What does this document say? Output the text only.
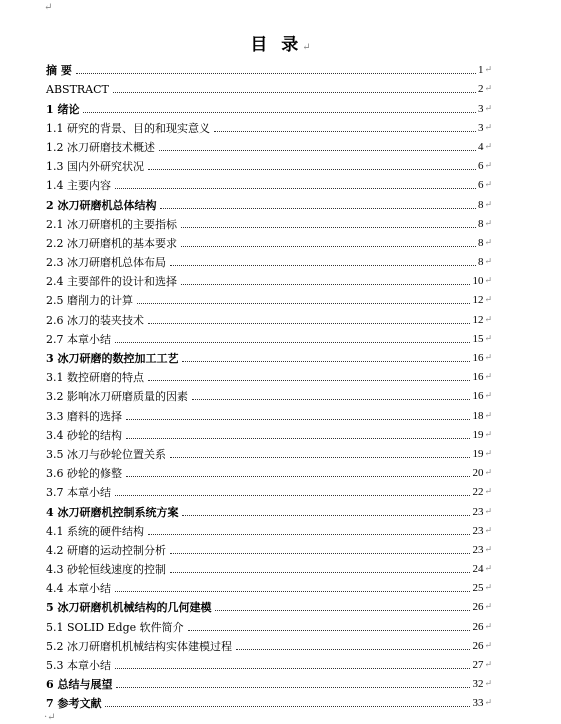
↵
目 录↵
摘 要	1 ↵
ABSTRACT	2 ↵
1 绪论	3 ↵
1.1 研究的背景、目的和现实意义	3 ↵
1.2 冰刀研磨技术概述	4 ↵
1.3 国内外研究状况	6 ↵
1.4 主要内容	6 ↵
2 冰刀研磨机总体结构	8 ↵
2.1 冰刀研磨机的主要指标	8 ↵
2.2 冰刀研磨机的基本要求	8 ↵
2.3 冰刀研磨机总体布局	8 ↵
2.4 主要部件的设计和选择	10 ↵
2.5 磨削力的计算	12 ↵
2.6 冰刀的装夹技术	12 ↵
2.7 本章小结	15 ↵
3 冰刀研磨的数控加工工艺	16 ↵
3.1 数控研磨的特点	16 ↵
3.2 影响冰刀研磨质量的因素	16 ↵
3.3 磨料的选择	18 ↵
3.4 砂轮的结构	19 ↵
3.5 冰刀与砂轮位置关系	19 ↵
3.6 砂轮的修整	20 ↵
3.7 本章小结	22 ↵
4 冰刀研磨机控制系统方案	23 ↵
4.1 系统的硬件结构	23 ↵
4.2 研磨的运动控制分析	23 ↵
4.3 砂轮恒线速度的控制	24 ↵
4.4 本章小结	25 ↵
5 冰刀研磨机机械结构的几何建模	26 ↵
5.1 SOLID Edge 软件简介	26 ↵
5.2 冰刀研磨机机械结构实体建模过程	26 ↵
5.3 本章小结	27 ↵
6 总结与展望	32 ↵
7 参考文献	33 ↵
·↵
